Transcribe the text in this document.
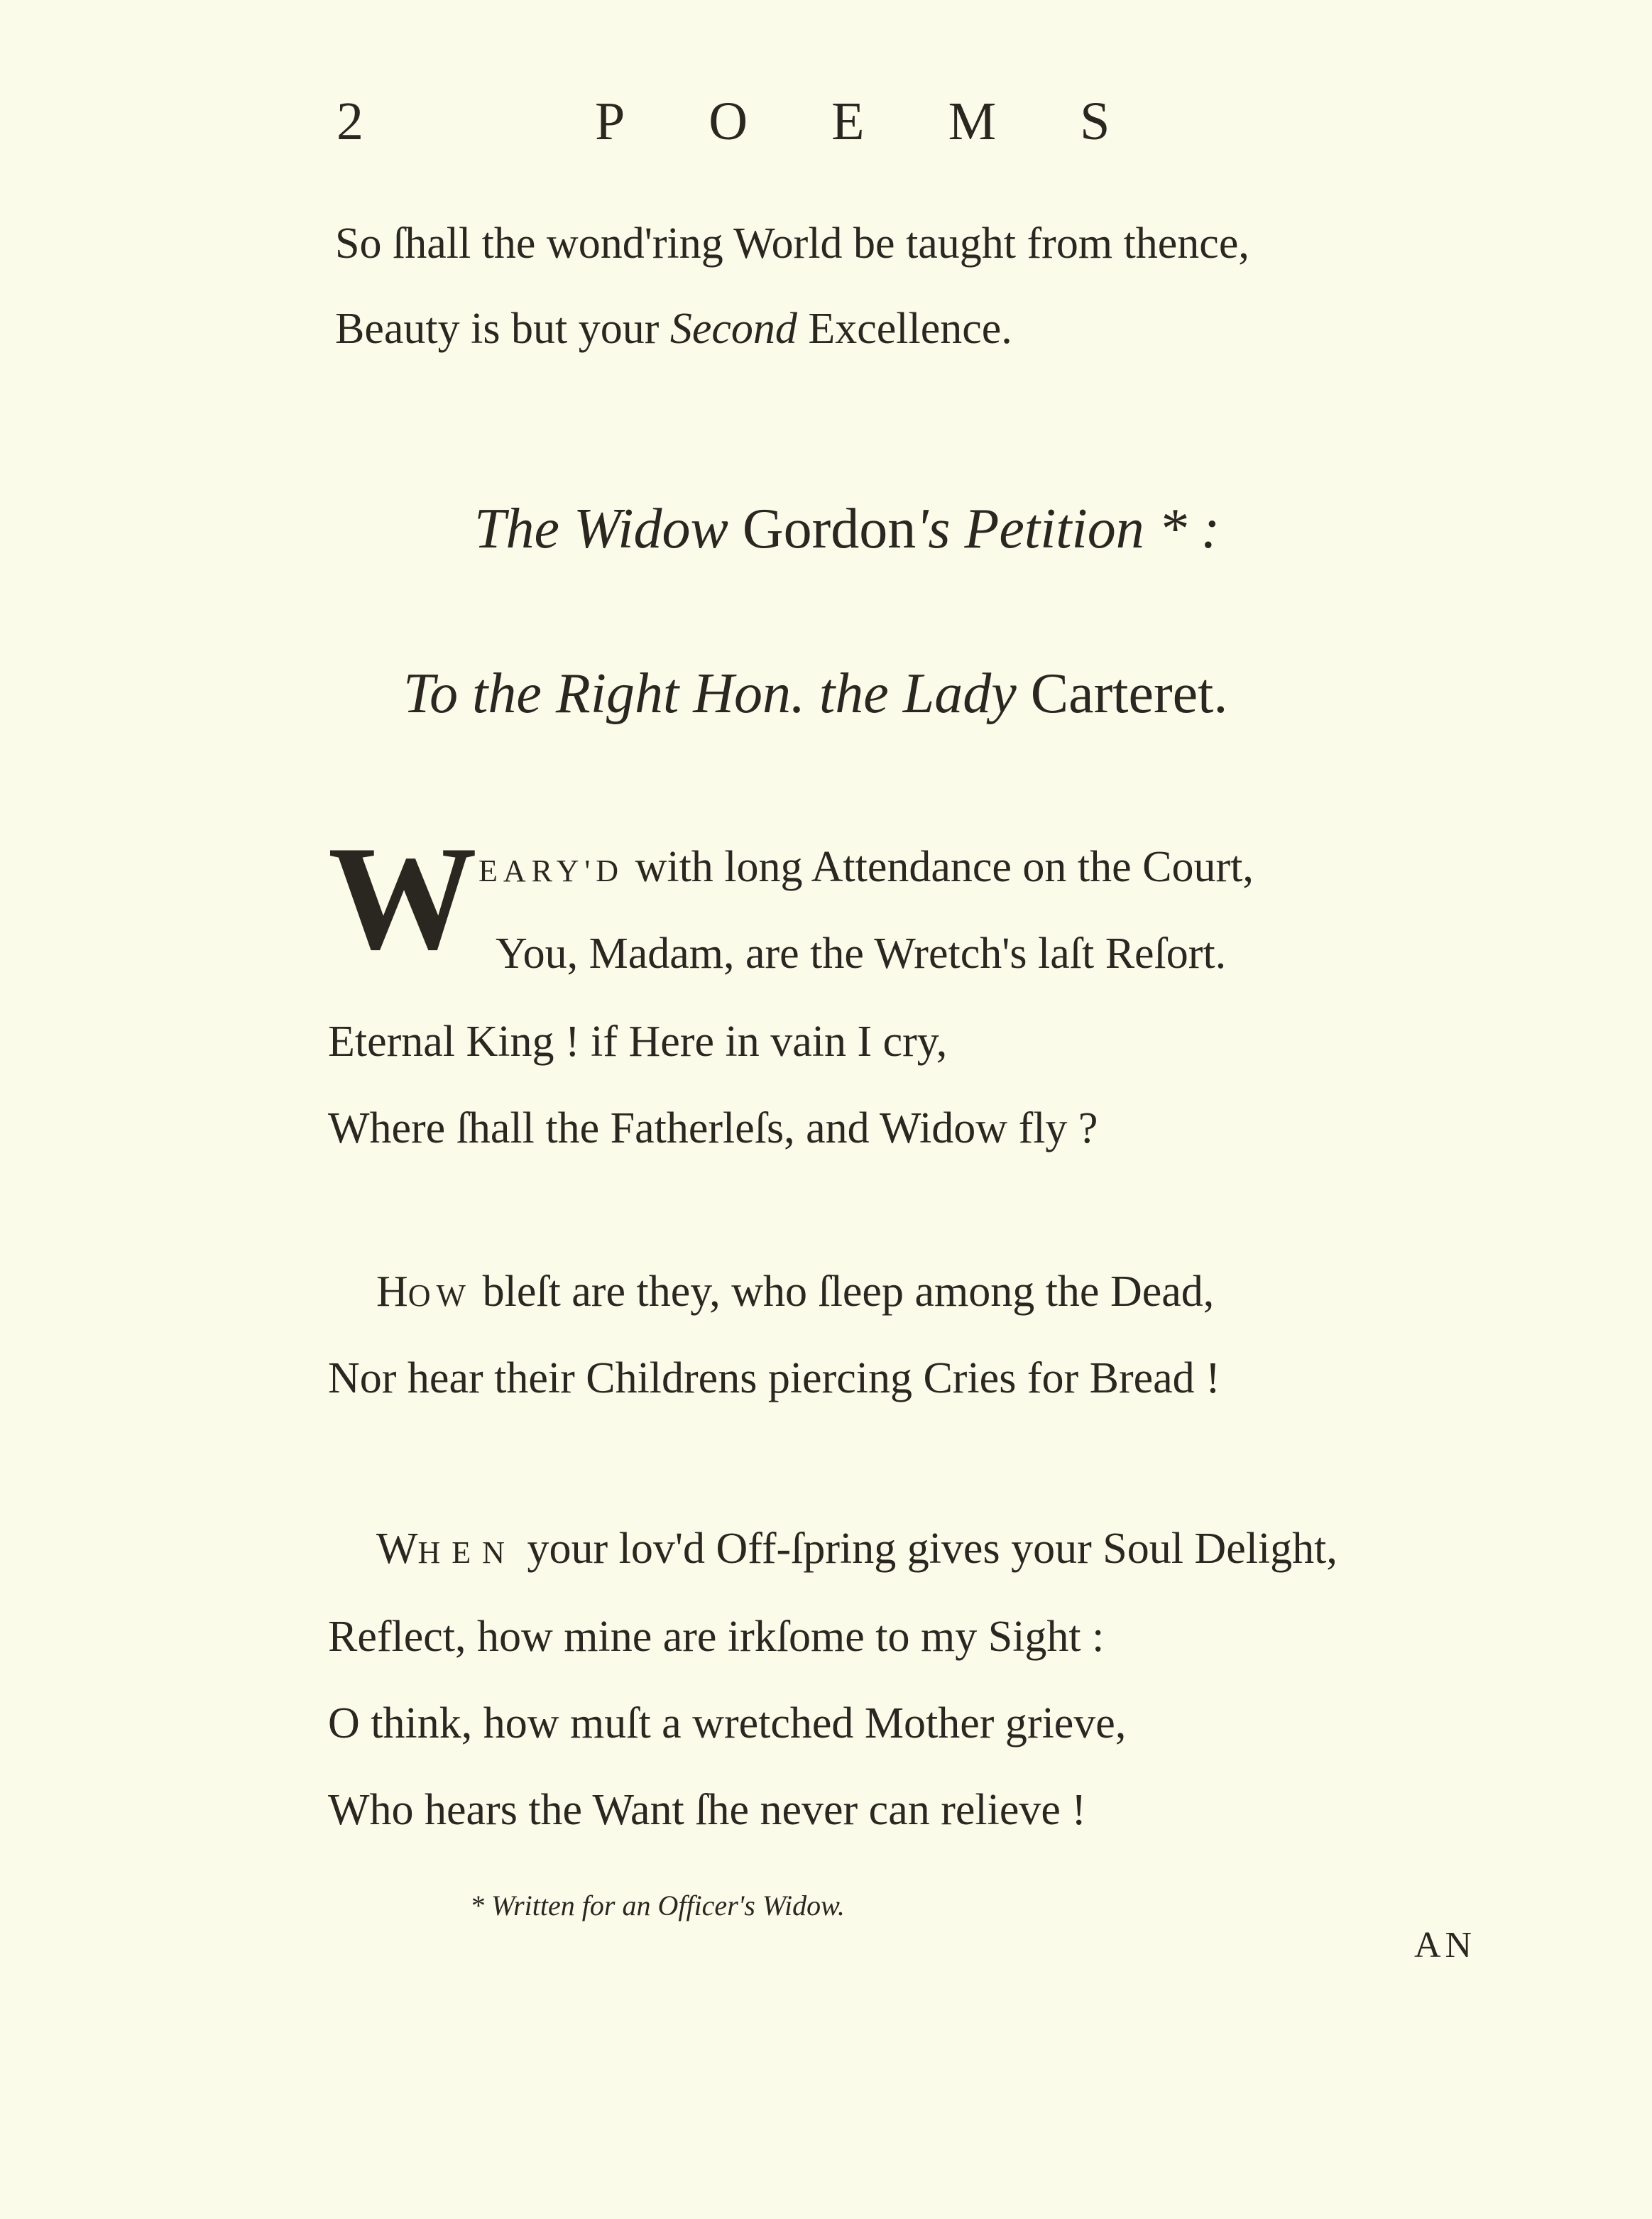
2	POEMS
So ſhall the wond'ring World be taught from thence,
Beauty is but your Second Excellence.
The Widow Gordon's Petition * :
To the Right Hon. the Lady Carteret.
W EARY'D with long Attendance on the Court,
You, Madam, are the Wretch's laſt Reſort.
Eternal King ! if Here in vain I cry,
Where ſhall the Fatherleſs, and Widow fly ?
HOW bleſt are they, who ſleep among the Dead,
Nor hear their Childrens piercing Cries for Bread !
WHEN your lov'd Off-ſpring gives your Soul Delight,
Reflect, how mine are irkſome to my Sight :
O think, how muſt a wretched Mother grieve,
Who hears the Want ſhe never can relieve !
* Written for an Officer's Widow.
AN
